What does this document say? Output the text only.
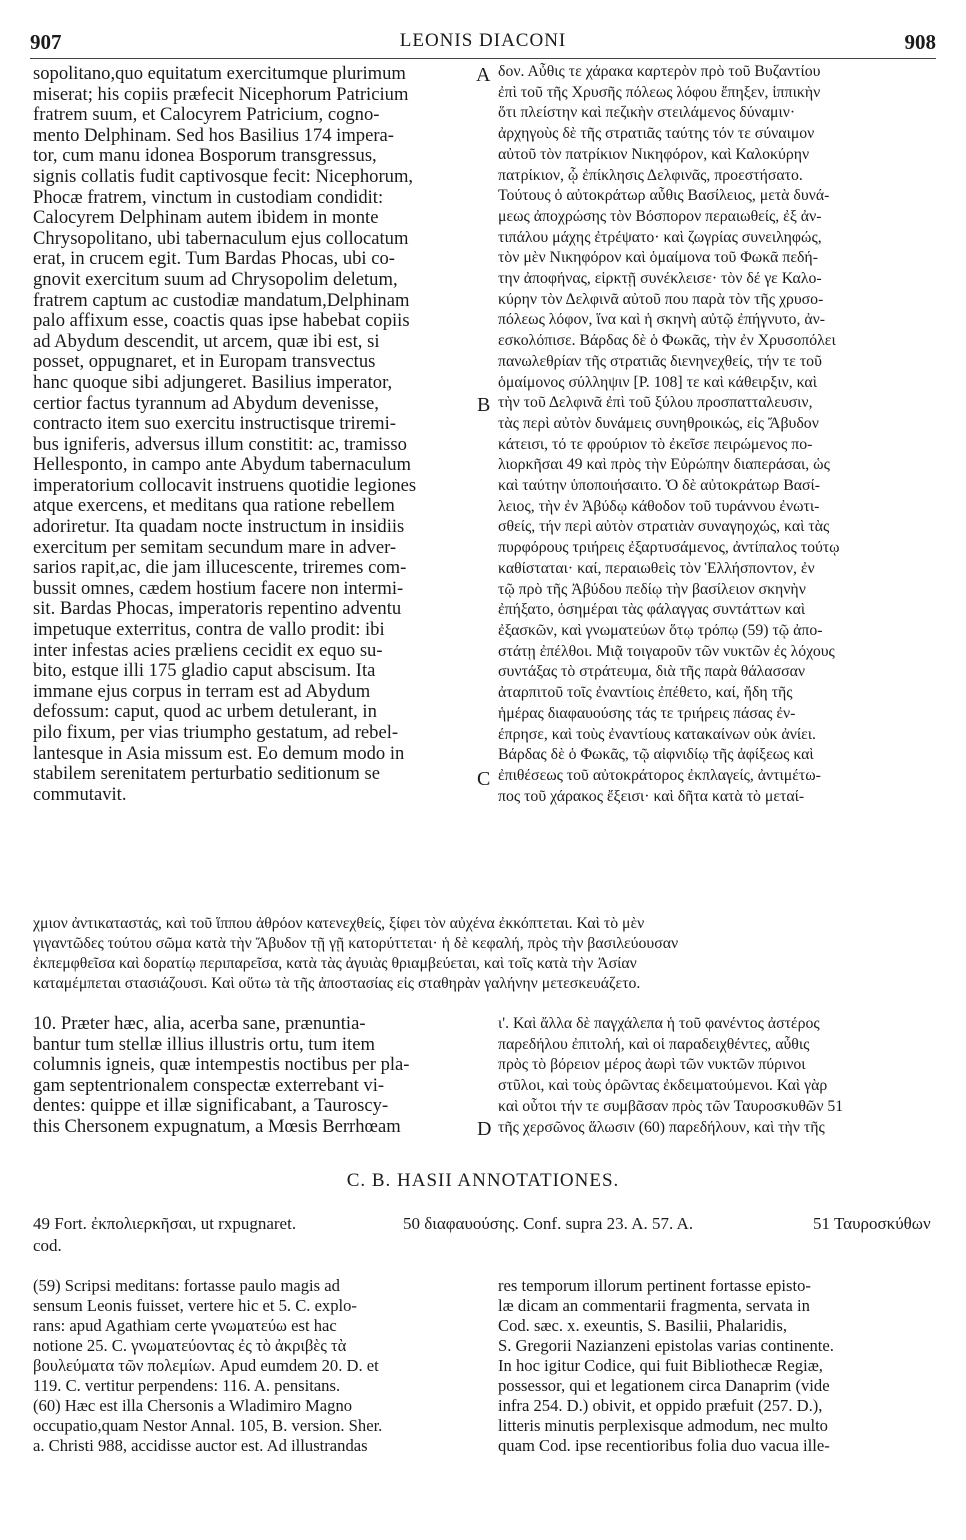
907	LEONIS DIACONI	908
sopolitano,quo equitatum exercitumque plurimum
miserat; his copiis præfecit Nicephorum Patricium
fratrem suum, et Calocyrem Patricium, cogno-
mento Delphinam. Sed hos Basilius 174 impera-
tor, cum manu idonea Bosporum transgressus,
signis collatis fudit captivosque fecit: Nicephorum,
Phocæ fratrem, vinctum in custodiam condidit:
Calocyrem Delphinam autem ibidem in monte
Chrysopolitano, ubi tabernaculum ejus collocatum
erat, in crucem egit. Tum Bardas Phocas, ubi co-
gnovit exercitum suum ad Chrysopolim deletum,
fratrem captum ac custodiæ mandatum,Delphinam
palo affixum esse, coactis quas ipse habebat copiis
ad Abydum descendit, ut arcem, quæ ibi est, si
posset, oppugnaret, et in Europam transvectus
hanc quoque sibi adjungeret. Basilius imperator,
certior factus tyrannum ad Abydum devenisse,
contracto item suo exercitu instructisque triremi-
bus igniferis, adversus illum constitit: ac, tramisso
Hellesponto, in campo ante Abydum tabernaculum
imperatorium collocavit instruens quotidie legiones
atque exercens, et meditans qua ratione rebellem
adoriretur. Ita quadam nocte instructum in insidiis
exercitum per semitam secundum mare in adver-
sarios rapit,ac, die jam illucescente, triremes com-
bussit omnes, cædem hostium facere non intermi-
sit. Bardas Phocas, imperatoris repentino adventu
impetuque exterritus, contra de vallo prodit: ibi
inter infestas acies præliens cecidit ex equo su-
bito, estque illi 175 gladio caput abscisum. Ita
immane ejus corpus in terram est ad Abydum
defossum: caput, quod ac urbem detulerant, in
pilo fixum, per vias triumpho gestatum, ad rebel-
lantesque in Asia missum est. Eo demum modo in
stabilem serenitatem perturbatio seditionum se
commutavit.
δον. Αὖθις τε χάρακα καρτερὸν πρὸ τοῦ Βυζαντίου
ἐπὶ τοῦ τῆς Χρυσῆς πόλεως λόφου ἔπηξεν, ἱππικὴν
ὅτι πλείστην καὶ πεζικὴν στειλάμενος δύναμιν·
ἀρχηγοὺς δὲ τῆς στρατιᾶς ταύτης τόν τε σύναιμον
αὐτοῦ τὸν πατρίκιον Νικηφόρον, καὶ Καλοκύρην
πατρίκιον, ᾧ ἐπίκλησις Δελφινᾶς, προεστήσατο.
Τούτους ὁ αὐτοκράτωρ αὖθις Βασίλειος, μετὰ δυνά-
μεως ἀποχρώσης τὸν Βόσπορον περαιωθείς, ἐξ ἀν-
τιπάλου μάχης ἐτρέψατο· καὶ ζωγρίας συνειληφώς,
τὸν μὲν Νικηφόρον καὶ ὁμαίμονα τοῦ Φωκᾶ πεδή-
την ἀποφήνας, εἱρκτῇ συνέκλεισε· τὸν δέ γε Καλο-
κύρην τὸν Δελφινᾶ αὐτοῦ που παρὰ τὸν τῆς χρυσο-
πόλεως λόφον, ἵνα καὶ ἡ σκηνὴ αὐτῷ ἐπήγνυτο, ἀν-
εσκολόπισε. Βάρδας δὲ ὁ Φωκᾶς, τὴν ἐν Χρυσοπόλει
πανωλεθρίαν τῆς στρατιᾶς διενηνεχθείς, τήν τε τοῦ
ὁμαίμονος σύλληψιν [P. 108] τε καὶ κάθειρξιν, καὶ
τὴν τοῦ Δελφινᾶ ἐπὶ τοῦ ξύλου προσπατταλευσιν,
τὰς περὶ αὐτὸν δυνάμεις συνηθροικώς, εἰς Ἄβυδον
κάτεισι, τό τε φρούριον τὸ ἐκεῖσε πειρώμενος πο-
λιορκῆσαι 49 καὶ πρὸς τὴν Εὐρώπην διαπεράσαι, ὡς
καὶ ταύτην ὑποποιήσαιτο. Ὁ δὲ αὐτοκράτωρ Βασί-
λειος, τὴν ἐν Ἀβύδῳ κάθοδον τοῦ τυράννου ἐνωτι-
σθείς, τήν περὶ αὐτὸν στρατιὰν συναγηοχώς, καὶ τὰς
πυρφόρους τριήρεις ἐξαρτυσάμενος, ἀντίπαλος τούτῳ
καθίσταται· καί, περαιωθεὶς τὸν Ἑλλήσποντον, ἐν
τῷ πρὸ τῆς Ἀβύδου πεδίῳ τὴν βασίλειον σκηνὴν
ἐπήξατο, ὁσημέραι τὰς φάλαγγας συντάττων καὶ
ἐξασκῶν, καὶ γνωματεύων ὅτῳ τρόπῳ (59) τῷ ἀπο-
στάτῃ ἐπέλθοι. Μιᾷ τοιγαροῦν τῶν νυκτῶν ἐς λόχους
συντάξας τὸ στράτευμα, διὰ τῆς παρὰ θάλασσαν
ἀταρπιτοῦ τοῖς ἐναντίοις ἐπέθετο, καί, ἤδη τῆς
ἡμέρας διαφαυούσης τάς τε τριήρεις πάσας ἐν-
έπρησε, καὶ τοὺς ἐναντίους κατακαίνων οὐκ ἀνίει.
Βάρδας δὲ ὁ Φωκᾶς, τῷ αἰφνιδίῳ τῆς ἀφίξεως καὶ
ἐπιθέσεως τοῦ αὐτοκράτορος ἐκπλαγείς, ἀντιμέτω-
πος τοῦ χάρακος ἔξεισι· καὶ δῆτα κατὰ τὸ μεταί-
A
B
C
D
χμιον ἀντικαταστάς, καὶ τοῦ ἵππου ἀθρόον κατενεχθείς, ξίφει τὸν αὐχένα ἐκκόπτεται. Καὶ τὸ μὲν
γιγαντῶδες τούτου σῶμα κατὰ τὴν Ἄβυδον τῇ γῇ κατορύττεται· ἡ δὲ κεφαλή, πρὸς τὴν βασιλεύουσαν
ἐκπεμφθεῖσα καὶ δορατίῳ περιπαρεῖσα, κατὰ τὰς ἀγυιὰς θριαμβεύεται, καὶ τοῖς κατὰ τὴν Ἀσίαν
καταμέμπεται στασιάζουσι. Καὶ οὕτω τὰ τῆς ἀποστασίας εἰς σταθηρὰν γαλήνην μετεσκευάζετο.
10. Præter hæc, alia, acerba sane, prænuntia-
bantur tum stellæ illius illustris ortu, tum item
columnis igneis, quæ intempestis noctibus per pla-
gam septentrionalem conspectæ exterrebant vi-
dentes: quippe et illæ significabant, a Tauroscy-
this Chersonem expugnatum, a Mœsis Berrhœam
ι'. Καὶ ἄλλα δὲ παγχάλεπα ἡ τοῦ φανέντος ἀστέρος
παρεδήλου ἐπιτολή, καὶ οἱ παραδειχθέντες, αὖθις
πρὸς τὸ βόρειον μέρος ἀωρὶ τῶν νυκτῶν πύρινοι
στῦλοι, καὶ τοὺς ὁρῶντας ἐκδειματούμενοι. Καὶ γὰρ
καὶ οὗτοι τήν τε συμβᾶσαν πρὸς τῶν Ταυροσκυθῶν 51
τῆς χερσῶνος ἅλωσιν (60) παρεδήλουν, καὶ τὴν τῆς
C. B. HASII ANNOTATIONES.
49 Fort. ἐκπολιερκῆσαι, ut rxpugnaret.	50 διαφαυούσης. Conf. supra 23. A. 57. A.	51 Ταυροσκύθων
cod.
(59) Scripsi meditans: fortasse paulo magis ad
sensum Leonis fuisset, vertere hic et 5. C. explo-
rans: apud Agathiam certe γνωματεύω est hac
notione 25. C. γνωματεύοντας ἐς τὸ ἀκριβὲς τὰ
βουλεύματα τῶν πολεμίων. Apud eumdem 20. D. et
119. C. vertitur perpendens: 116. A. pensitans.
(60) Hæc est illa Chersonis a Wladimiro Magno
occupatio,quam Nestor Annal. 105, B. version. Sher.
a. Christi 988, accidisse auctor est. Ad illustrandas
res temporum illorum pertinent fortasse episto-
læ dicam an commentarii fragmenta, servata in
Cod. sæc. x. exeuntis, S. Basilii, Phalaridis,
S. Gregorii Nazianzeni epistolas varias continente.
In hoc igitur Codice, qui fuit Bibliothecæ Regiæ,
possessor, qui et legationem circa Danaprim (vide
infra 254. D.) obivit, et oppido præfuit (257. D.),
litteris minutis perplexisque admodum, nec multo
quam Cod. ipse recentioribus folia duo vacua ille-
